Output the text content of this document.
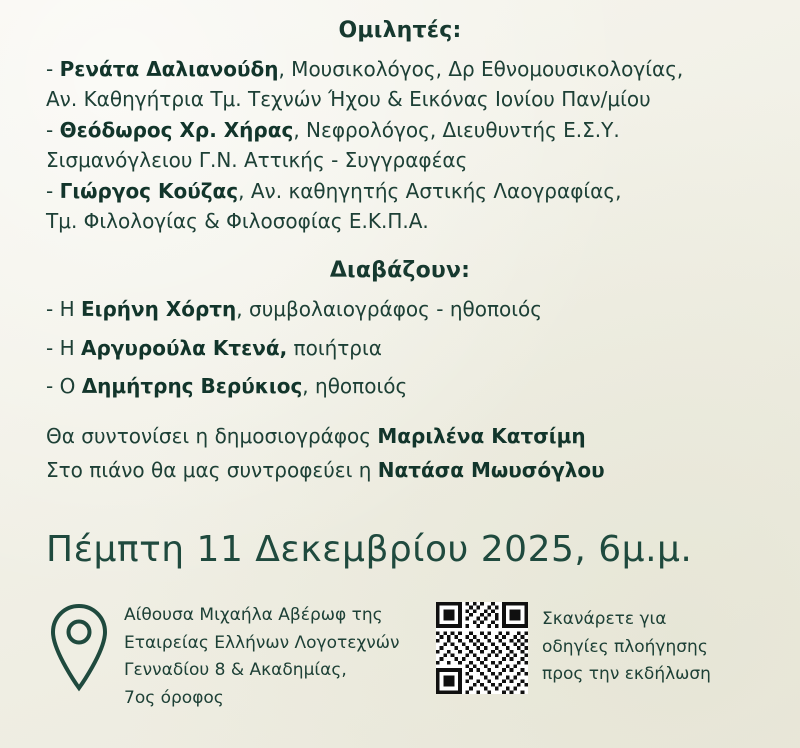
Ομιλητές:

- Ρενάτα Δαλιανούδη, Μουσικολόγος, Δρ Εθνομουσικολογίας,

Αν. Καθηγήτρια Τμ. Τεχνών Ήχου & Εικόνας Ιονίου Παν/μίου

- Θεόδωρος Χρ. Χήρας, Νεφρολόγος, Διευθυντής Ε.Σ.Υ.

Σισμανόγλειου Γ.Ν. Αττικής - Συγγραφέας

- Γιώργος Κούζας, Αν. καθηγητής Αστικής Λαογραφίας,

Τμ. Φιλολογίας & Φιλοσοφίας Ε.Κ.Π.Α.

Διαβάζουν:

- Η Ειρήνη Χόρτη, συμβολαιογράφος - ηθοποιός

- Η Αργυρούλα Κτενά, ποιήτρια

- Ο Δημήτρης Βερύκιος, ηθοποιός

Θα συντονίσει η δημοσιογράφος Μαριλένα Κατσίμη

Στο πιάνο θα μας συντροφεύει η Νατάσα Μωυσόγλου

Πέμπτη 11 Δεκεμβρίου 2025, 6μ.μ.
Αίθουσα Μιχαήλα Αβέρωφ της
Εταιρείας Ελλήνων Λογοτεχνών
Γενναδίου 8 & Ακαδημίας,
7ος όροφος
Σκανάρετε για
οδηγίες πλοήγησης
προς την εκδήλωση
